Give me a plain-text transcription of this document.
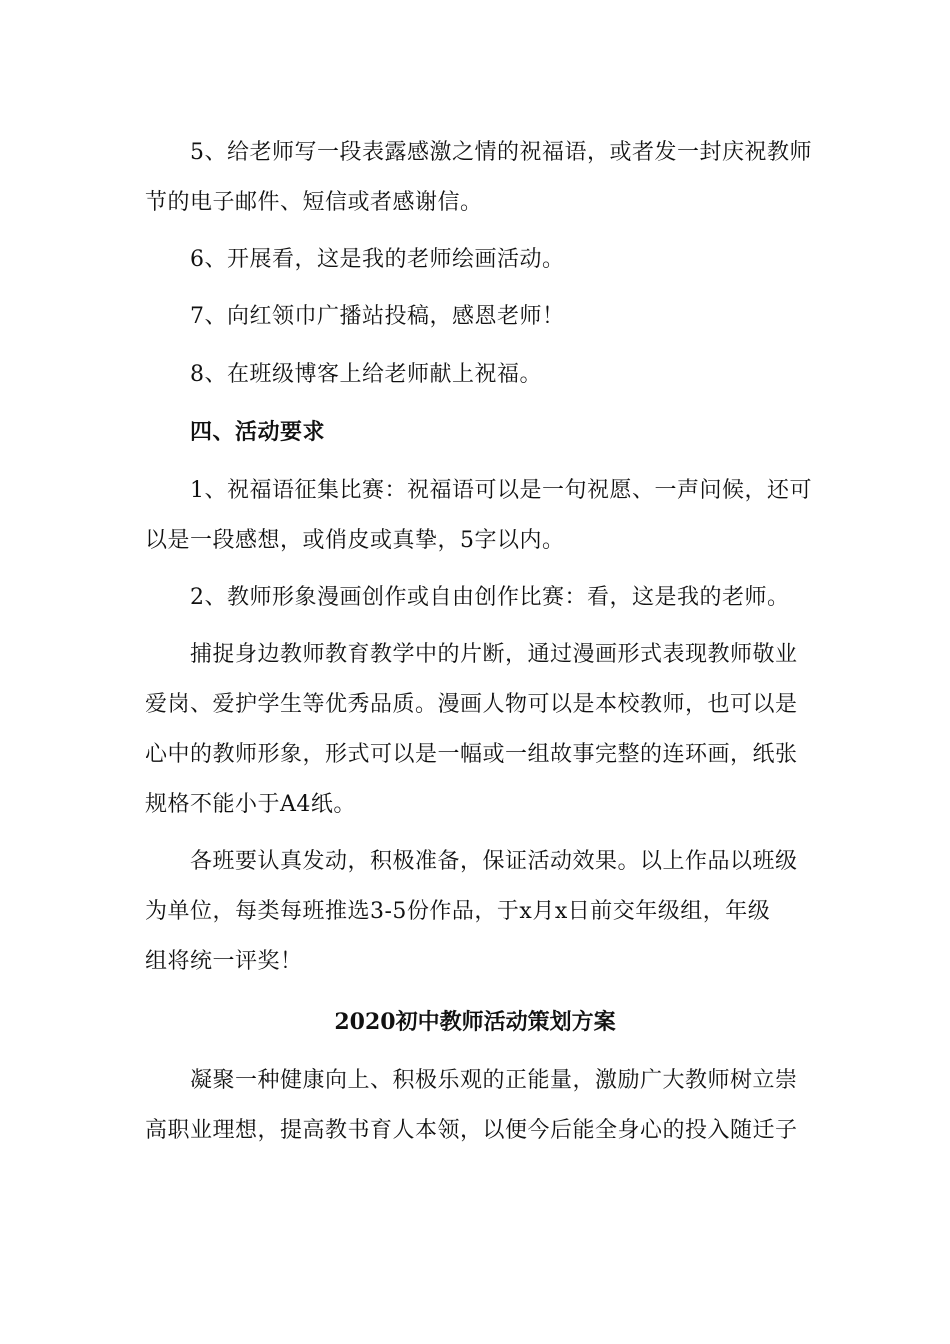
5、给老师写一段表露感激之情的祝福语，或者发一封庆祝教师
节的电子邮件、短信或者感谢信。
6、开展看，这是我的老师绘画活动。
7、向红领巾广播站投稿，感恩老师！
8、在班级博客上给老师献上祝福。
四、活动要求
1、祝福语征集比赛：祝福语可以是一句祝愿、一声问候，还可
以是一段感想，或俏皮或真挚，5字以内。
2、教师形象漫画创作或自由创作比赛：看，这是我的老师。
捕捉身边教师教育教学中的片断，通过漫画形式表现教师敬业
爱岗、爱护学生等优秀品质。漫画人物可以是本校教师，也可以是
心中的教师形象，形式可以是一幅或一组故事完整的连环画，纸张
规格不能小于A4纸。
各班要认真发动，积极准备，保证活动效果。以上作品以班级
为单位，每类每班推选3-5份作品，于x月x日前交年级组，年级
组将统一评奖！
2020初中教师活动策划方案
凝聚一种健康向上、积极乐观的正能量，激励广大教师树立崇
高职业理想，提高教书育人本领，以便今后能全身心的投入随迁子
